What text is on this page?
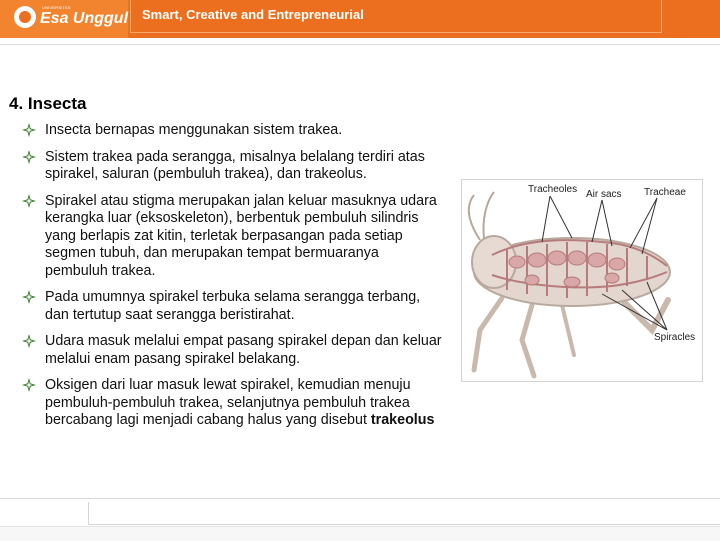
UNIVERSITAS
Esa Unggul Smart, Creative and Entrepreneurial
4. Insecta
Insecta bernapas menggunakan sistem trakea.
Sistem trakea pada serangga, misalnya belalang terdiri atas spirakel, saluran (pembuluh trakea), dan trakeolus.
Spirakel atau stigma merupakan jalan keluar masuknya udara kerangka luar (eksoskeleton), berbentuk pembuluh silindris yang berlapis zat kitin, terletak berpasangan pada setiap segmen tubuh, dan merupakan tempat bermuaranya pembuluh trakea.
Pada umumnya spirakel terbuka selama serangga terbang, dan tertutup saat serangga beristirahat.
Udara masuk melalui empat pasang spirakel depan dan keluar melalui enam pasang spirakel belakang.
Oksigen dari luar masuk lewat spirakel, kemudian menuju pembuluh-pembuluh trakea, selanjutnya pembuluh trakea bercabang lagi menjadi cabang halus yang disebut trakeolus
Tracheoles Air sacs Tracheae
Spiracles
